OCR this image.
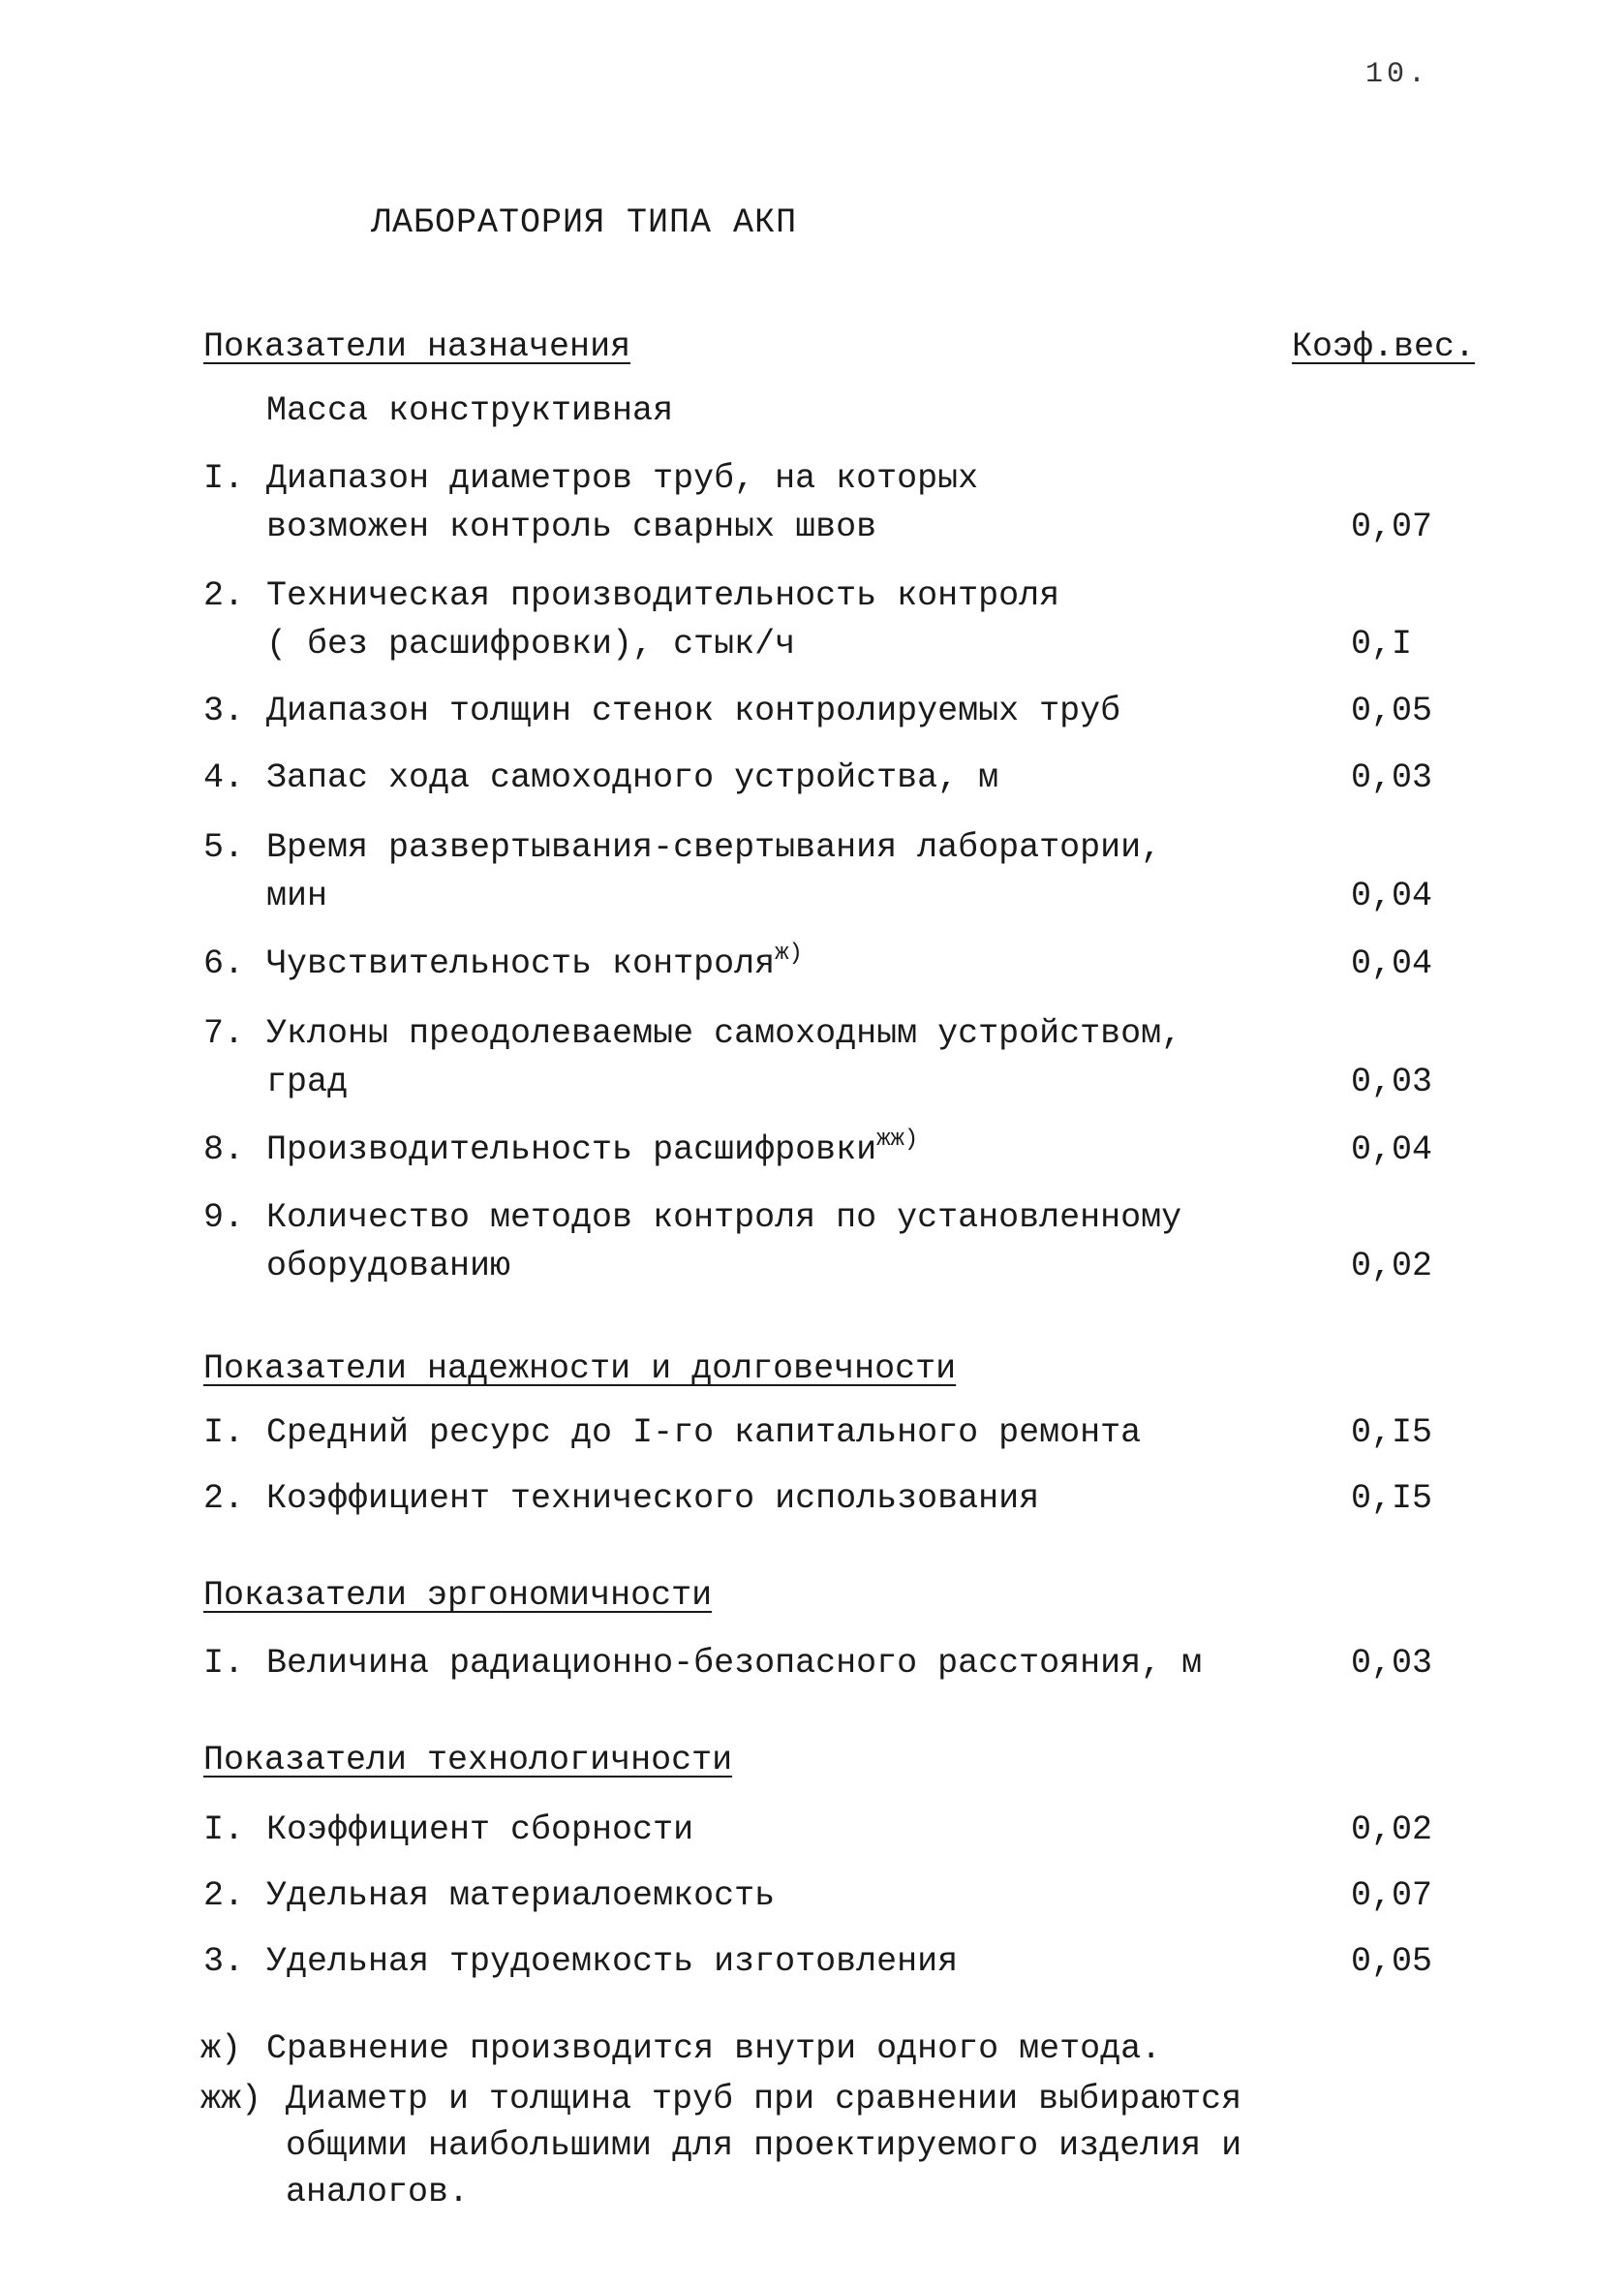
10.
ЛАБОРАТОРИЯ ТИПА АКП
Показатели назначения	Коэф.вес.
Масса конструктивная
I. Диапазон диаметров труб, на которых
возможен контроль сварных швов	0,07
2. Техническая производительность контроля
( без расшифровки), стык/ч	0,I
3. Диапазон толщин стенок контролируемых труб	0,05
4. Запас хода самоходного устройства, м	0,03
5. Время развертывания-свертывания лаборатории,
мин	0,04
6. Чувствительность контроля$^{ж)}$	0,04
7. Уклоны преодолеваемые самоходным устройством,
град	0,03
8. Производительность расшифровки$^{жж)}$	0,04
9. Количество методов контроля по установленному
оборудованию	0,02
Показатели надежности и долговечности
I. Средний ресурс до I-го капитального ремонта	0,I5
2. Коэффициент технического использования	0,I5
Показатели эргономичности
I. Величина радиационно-безопасного расстояния, м	0,03
Показатели технологичности
I. Коэффициент сборности	0,02
2. Удельная материалоемкость	0,07
3. Удельная трудоемкость изготовления	0,05
ж) Сравнение производится внутри одного метода.
жж) Диаметр и толщина труб при сравнении выбираются
общими наибольшими для проектируемого изделия и
аналогов.
